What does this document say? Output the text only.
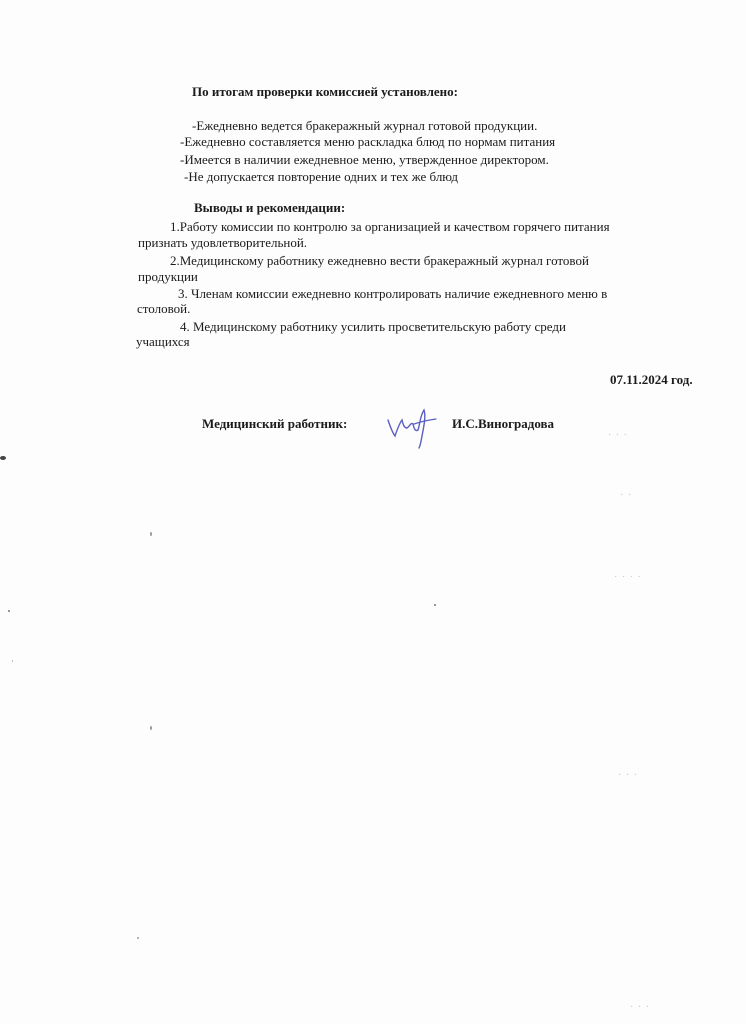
По итогам проверки комиссией установлено:
-Ежедневно ведется бракеражный журнал готовой продукции.
-Ежедневно составляется меню раскладка блюд по нормам питания
-Имеется в наличии ежедневное меню, утвержденное директором.
-Не допускается повторение одних и тех же блюд
Выводы и рекомендации:
1.Работу комиссии по контролю за организацией и качеством горячего питания
признать удовлетворительной.
2.Медицинскому работнику ежедневно вести бракеражный журнал готовой
продукции
3. Членам комиссии ежедневно контролировать наличие ежедневного меню в
столовой.
4. Медицинскому работнику усилить просветительскую работу среди
учащихся
07.11.2024 год.
Медицинский работник:	И.С.Виноградова
· · ·
· ·
· · · ·
· · ·
· · ·
